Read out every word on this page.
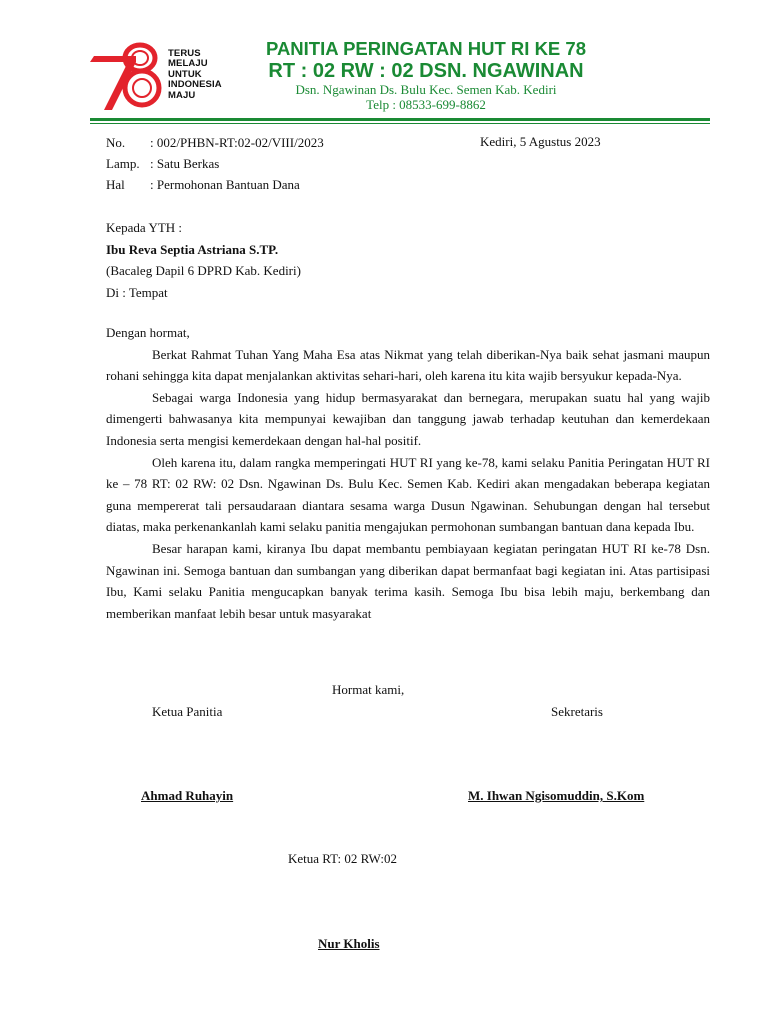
TERUS
MELAJU
UNTUK
INDONESIA
MAJU
PANITIA PERINGATAN HUT RI KE 78
RT : 02 RW : 02 DSN. NGAWINAN
Dsn. Ngawinan Ds. Bulu Kec. Semen Kab. Kediri
Telp : 08533-699-8862
No. : 002/PHBN-RT:02-02/VIII/2023
Lamp. : Satu Berkas
Hal : Permohonan Bantuan Dana
Kediri, 5 Agustus 2023
Kepada YTH :
Ibu Reva Septia Astriana S.TP.
(Bacaleg Dapil 6 DPRD Kab. Kediri)
Di : Tempat

Dengan hormat,

Berkat Rahmat Tuhan Yang Maha Esa atas Nikmat yang telah diberikan-Nya baik sehat jasmani maupun rohani sehingga kita dapat menjalankan aktivitas sehari-hari, oleh karena itu kita wajib bersyukur kepada-Nya.

Sebagai warga Indonesia yang hidup bermasyarakat dan bernegara, merupakan suatu hal yang wajib dimengerti bahwasanya kita mempunyai kewajiban dan tanggung jawab terhadap keutuhan dan kemerdekaan Indonesia serta mengisi kemerdekaan dengan hal-hal positif.

Oleh karena itu, dalam rangka memperingati HUT RI yang ke-78, kami selaku Panitia Peringatan HUT RI ke – 78 RT: 02 RW: 02 Dsn. Ngawinan Ds. Bulu Kec. Semen Kab. Kediri akan mengadakan beberapa kegiatan guna mempererat tali persaudaraan diantara sesama warga Dusun Ngawinan. Sehubungan dengan hal tersebut diatas, maka perkenankanlah kami selaku panitia mengajukan permohonan sumbangan bantuan dana kepada Ibu.

Besar harapan kami, kiranya Ibu dapat membantu pembiayaan kegiatan peringatan HUT RI ke-78 Dsn. Ngawinan ini. Semoga bantuan dan sumbangan yang diberikan dapat bermanfaat bagi kegiatan ini. Atas partisipasi Ibu, Kami selaku Panitia mengucapkan banyak terima kasih. Semoga Ibu bisa lebih maju, berkembang dan memberikan manfaat lebih besar untuk masyarakat

Hormat kami,
Ketua Panitia	Sekretaris
Ahmad Ruhayin	M. Ihwan Ngisomuddin, S.Kom
Ketua RT: 02 RW:02
Nur Kholis
